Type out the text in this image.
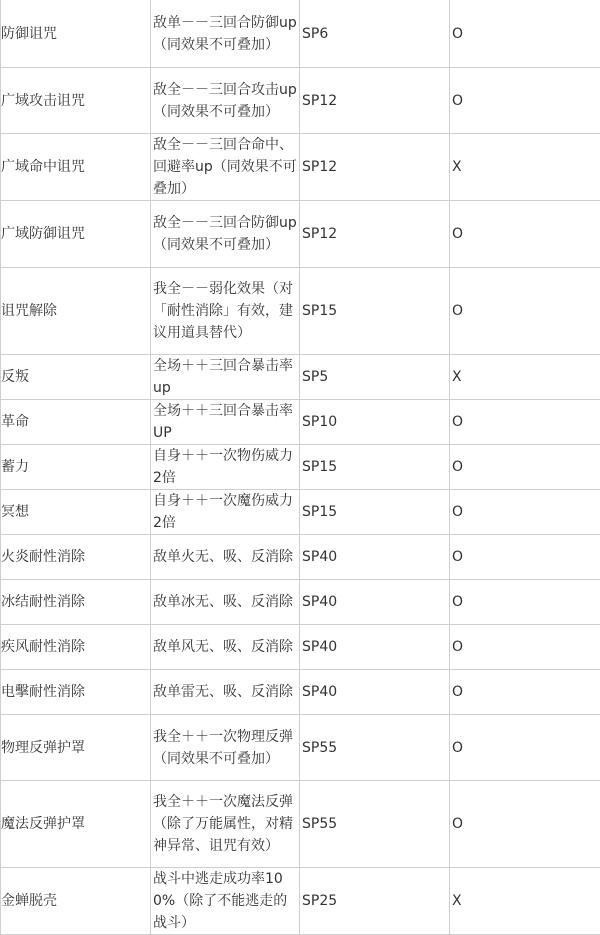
防御诅咒	敌单－－三回合防御up（同效果不可叠加）	SP6	O
广域攻击诅咒	敌全－－三回合攻击up（同效果不可叠加）	SP12	O
广域命中诅咒	敌全－－三回合命中、回避率up（同效果不可叠加）	SP12	X
广域防御诅咒	敌全－－三回合防御up（同效果不可叠加）	SP12	O
诅咒解除	我全－－弱化效果（对「耐性消除」有效，建议用道具替代）	SP15	O
反叛	全场＋＋三回合暴击率up	SP5	X
革命	全场＋＋三回合暴击率UP	SP10	O
蓄力	自身＋＋一次物伤威力2倍	SP15	O
冥想	自身＋＋一次魔伤威力2倍	SP15	O
火炎耐性消除	敌单火无、吸、反消除	SP40	O
冰结耐性消除	敌单冰无、吸、反消除	SP40	O
疾风耐性消除	敌单风无、吸、反消除	SP40	O
电擊耐性消除	敌单雷无、吸、反消除	SP40	O
物理反弹护罩	我全＋＋一次物理反弹（同效果不可叠加）	SP55	O
魔法反弹护罩	我全＋＋一次魔法反弹（除了万能属性，对精神异常、诅咒有效）	SP55	O
金蝉脱壳	战斗中逃走成功率100%（除了不能逃走的战斗）	SP25	X
